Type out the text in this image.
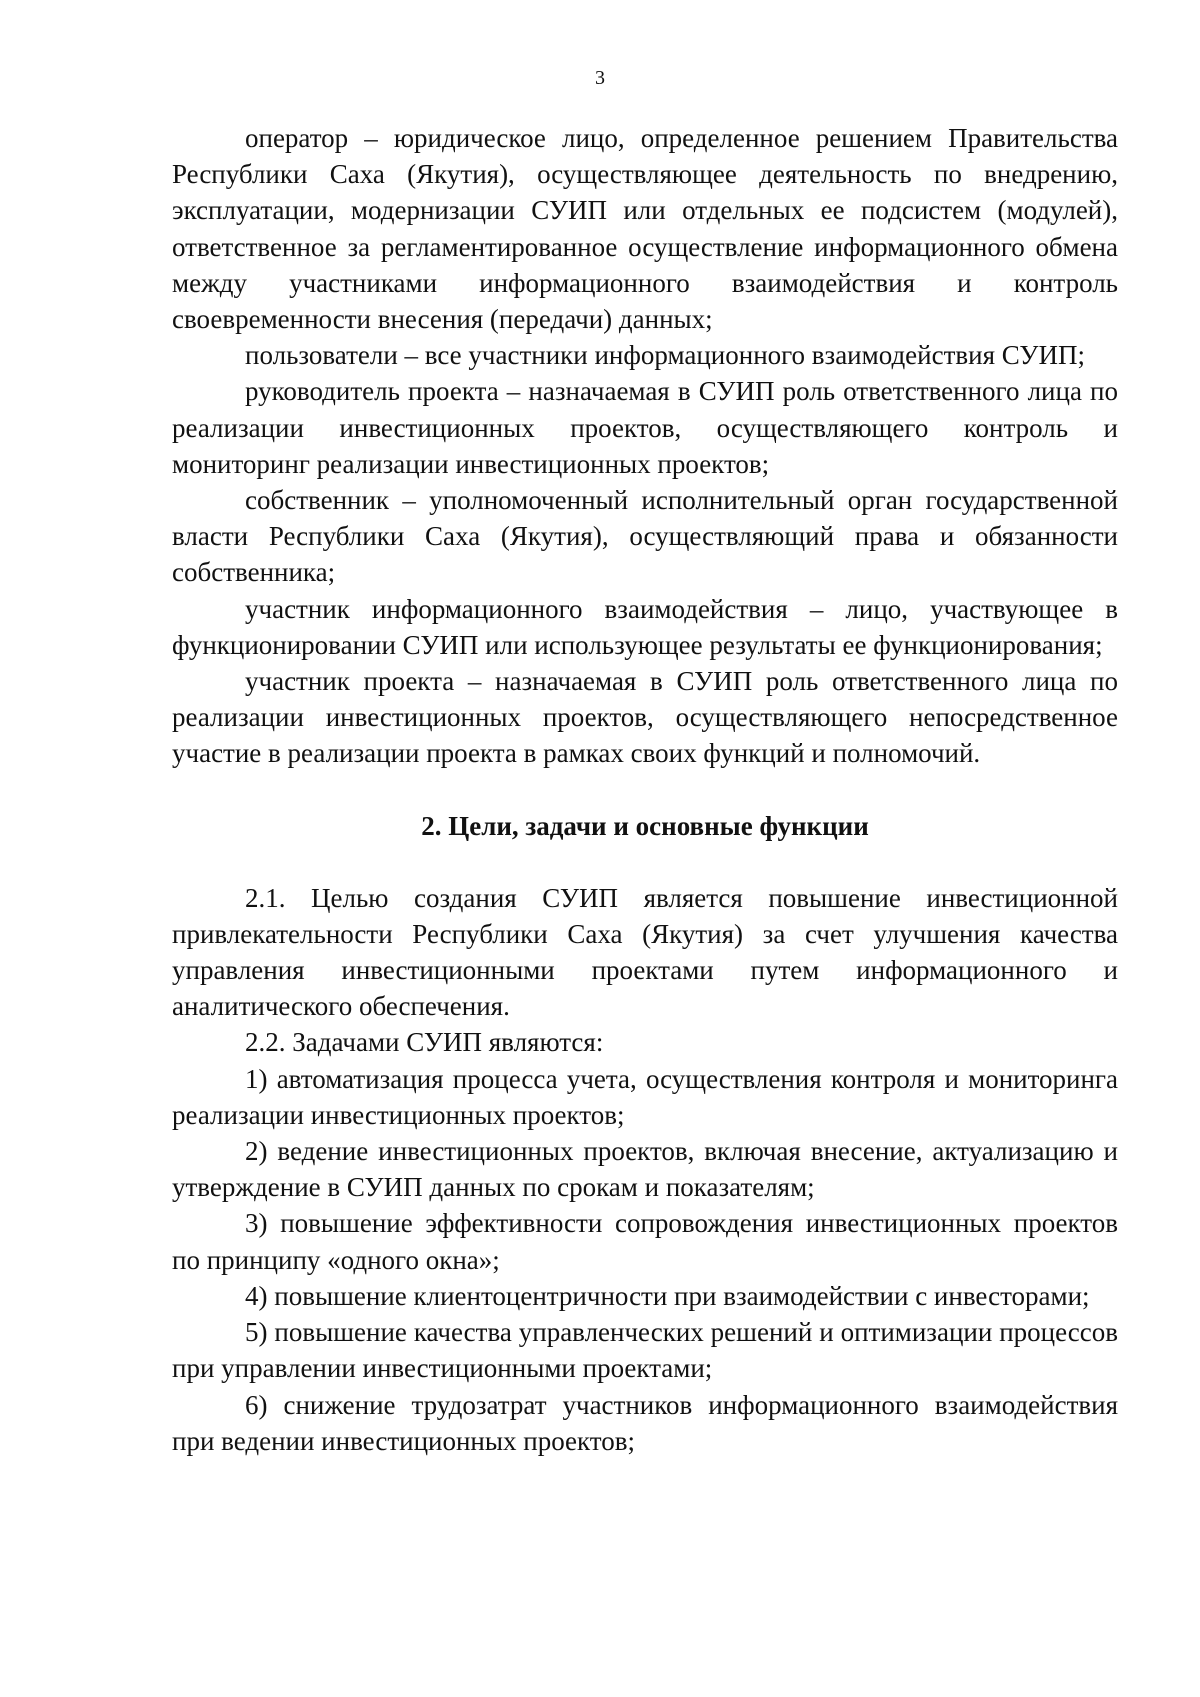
3

оператор – юридическое лицо, определенное решением Правительства Республики Саха (Якутия), осуществляющее деятельность по внедрению, эксплуатации, модернизации СУИП или отдельных ее подсистем (модулей), ответственное за регламентированное осуществление информационного обмена между участниками информационного взаимодействия и контроль своевременности внесения (передачи) данных;

пользователи – все участники информационного взаимодействия СУИП;

руководитель проекта – назначаемая в СУИП роль ответственного лица по реализации инвестиционных проектов, осуществляющего контроль и мониторинг реализации инвестиционных проектов;

собственник – уполномоченный исполнительный орган государственной власти Республики Саха (Якутия), осуществляющий права и обязанности собственника;

участник информационного взаимодействия – лицо, участвующее в функционировании СУИП или использующее результаты ее функционирования;

участник проекта – назначаемая в СУИП роль ответственного лица по реализации инвестиционных проектов, осуществляющего непосредственное участие в реализации проекта в рамках своих функций и полномочий.

2. Цели, задачи и основные функции

2.1. Целью создания СУИП является повышение инвестиционной привлекательности Республики Саха (Якутия) за счет улучшения качества управления инвестиционными проектами путем информационного и аналитического обеспечения.

2.2. Задачами СУИП являются:

1) автоматизация процесса учета, осуществления контроля и мониторинга реализации инвестиционных проектов;

2) ведение инвестиционных проектов, включая внесение, актуализацию и утверждение в СУИП данных по срокам и показателям;

3) повышение эффективности сопровождения инвестиционных проектов по принципу «одного окна»;

4) повышение клиентоцентричности при взаимодействии с инвесторами;

5) повышение качества управленческих решений и оптимизации процессов при управлении инвестиционными проектами;

6) снижение трудозатрат участников информационного взаимодействия при ведении инвестиционных проектов;
